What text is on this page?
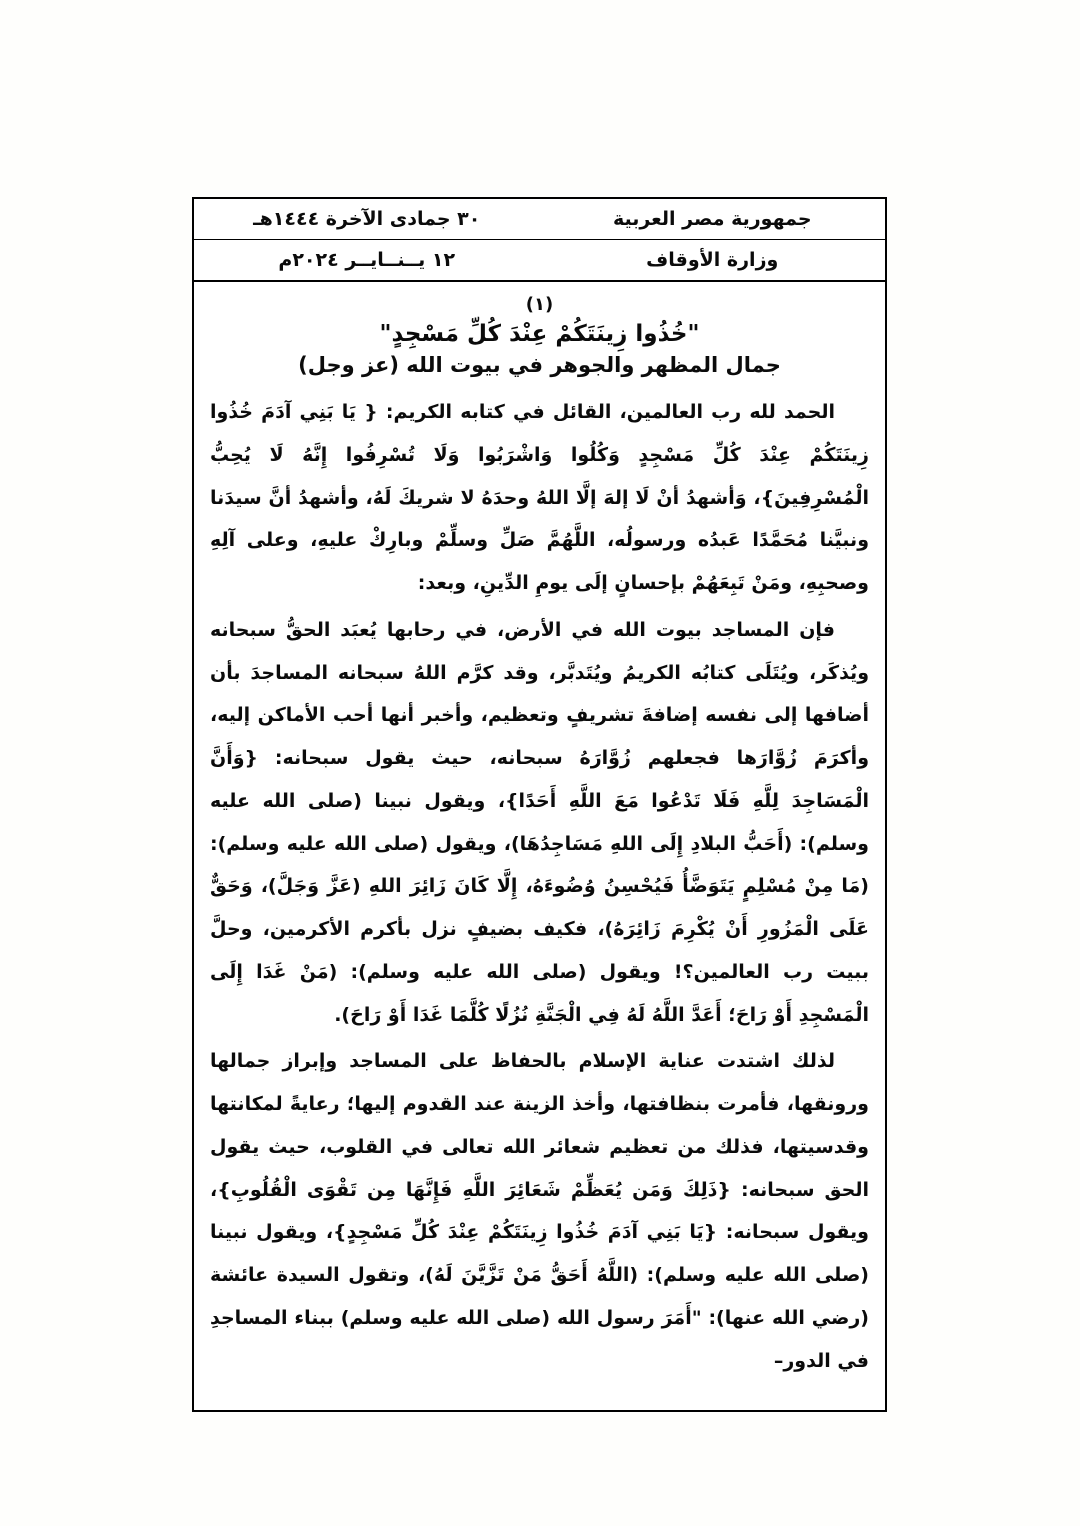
جمهورية مصر العربية
٣٠ جمادى الآخرة ١٤٤٤هـ
وزارة الأوقاف
١٢ يــنــايــر ٢٠٢٤م
(١)
"خُذُوا زِينَتَكُمْ عِنْدَ كُلِّ مَسْجِدٍ"
جمال المظهر والجوهر في بيوت الله (عز وجل)

الحمد لله رب العالمين، القائل في كتابه الكريم: { يَا بَنِي آدَمَ خُذُوا زِينَتَكُمْ عِنْدَ كُلِّ مَسْجِدٍ وَكُلُوا وَاشْرَبُوا وَلَا تُسْرِفُوا إِنَّهُ لَا يُحِبُّ الْمُسْرِفِينَ}، وَأشهدُ أنْ لَا إلهَ إلَّا اللهُ وحدَهُ لا شريكَ لَهُ، وأشهدُ أنَّ سيدَنا ونبيَّنا مُحَمَّدًا عَبدُه ورسولُه، اللَّهُمَّ صَلِّ وسلِّمْ وبارِكْ عليهِ، وعلى آلِهِ وصحبِهِ، ومَنْ تَبِعَهُمْ بإحسانٍ إلَى يومِ الدِّينِ، وبعد:

فإن المساجد بيوت الله في الأرض، في رحابها يُعبَد الحقُّ سبحانه ويُذكَر، ويُتَلَى كتابُه الكريمُ ويُتَدبَّر، وقد كرَّم اللهُ سبحانه المساجدَ بأن أضافها إلى نفسه إضافةَ تشريفٍ وتعظيم، وأخبر أنها أحب الأماكن إليه، وأكرَمَ زُوَّارَها فجعلهم زُوَّارَهُ سبحانه، حيث يقول سبحانه: {وَأَنَّ الْمَسَاجِدَ لِلَّهِ فَلَا تَدْعُوا مَعَ اللَّهِ أَحَدًا}، ويقول نبينا (صلى الله عليه وسلم): (أَحَبُّ البلادِ إِلَى اللهِ مَسَاجِدُهَا)، ويقول (صلى الله عليه وسلم): (مَا مِنْ مُسْلِمٍ يَتَوَضَّأُ فَيُحْسِنُ وُضُوءَهُ، إِلَّا كَانَ زَائِرَ اللهِ (عَزَّ وَجَلَّ)، وَحَقٌّ عَلَى الْمَزُورِ أَنْ يُكْرِمَ زَائِرَهُ)، فكيف بضيفٍ نزل بأكرم الأكرمين، وحلَّ ببيت رب العالمين؟! ويقول (صلى الله عليه وسلم): (مَنْ غَدَا إِلَى الْمَسْجِدِ أَوْ رَاحَ؛ أَعَدَّ اللَّهُ لَهُ فِي الْجَنَّةِ نُزُلًا كُلَّمَا غَدَا أَوْ رَاحَ).

لذلك اشتدت عناية الإسلام بالحفاظ على المساجد وإبراز جمالها ورونقها، فأمرت بنظافتها، وأخذ الزينة عند القدوم إليها؛ رعايةً لمكانتها وقدسيتها، فذلك من تعظيم شعائر الله تعالى في القلوب، حيث يقول الحق سبحانه: {ذَلِكَ وَمَن يُعَظِّمْ شَعَائِرَ اللَّهِ فَإِنَّهَا مِن تَقْوَى الْقُلُوبِ}، ويقول سبحانه: {يَا بَنِي آدَمَ خُذُوا زِينَتَكُمْ عِنْدَ كُلِّ مَسْجِدٍ}، ويقول نبينا (صلى الله عليه وسلم): (اللَّهُ أَحَقُّ مَنْ تَزَّيَّنَ لَهُ)، وتقول السيدة عائشة (رضي الله عنها): "أَمَرَ رسول الله (صلى الله عليه وسلم) ببناء المساجدِ في الدور–
